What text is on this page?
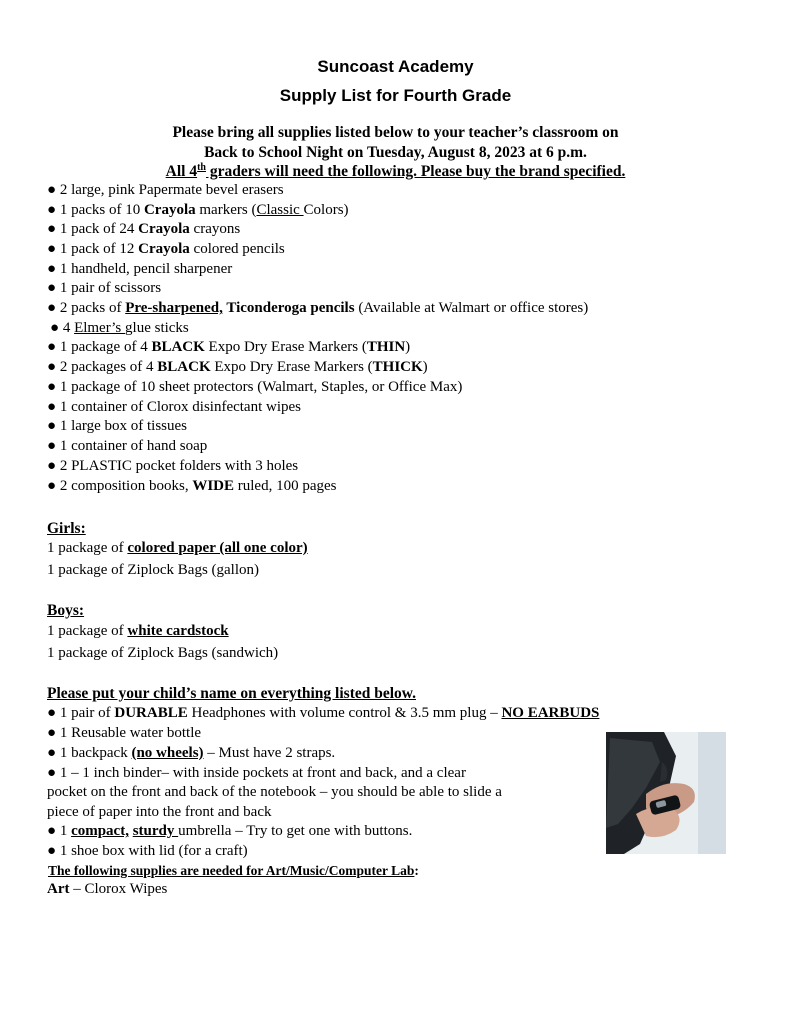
Suncoast Academy
Supply List for Fourth Grade
Please bring all supplies listed below to your teacher’s classroom on
Back to School Night on Tuesday, August 8, 2023 at 6 p.m.
All 4th graders will need the following. Please buy the brand specified.
● 2 large, pink Papermate bevel erasers
● 1 packs of 10 Crayola markers (Classic Colors)
● 1 pack of 24 Crayola crayons
● 1 pack of 12 Crayola colored pencils
● 1 handheld, pencil sharpener
● 1 pair of scissors
● 2 packs of Pre-sharpened, Ticonderoga pencils (Available at Walmart or office stores)
● 4 Elmer’s glue sticks
● 1 package of 4 BLACK Expo Dry Erase Markers (THIN)
● 2 packages of 4 BLACK Expo Dry Erase Markers (THICK)
● 1 package of 10 sheet protectors (Walmart, Staples, or Office Max)
● 1 container of Clorox disinfectant wipes
● 1 large box of tissues
● 1 container of hand soap
● 2 PLASTIC pocket folders with 3 holes
● 2 composition books, WIDE ruled, 100 pages
Girls:
1 package of colored paper (all one color)
1 package of Ziplock Bags (gallon)
Boys:
1 package of white cardstock
1 package of Ziplock Bags (sandwich)
Please put your child’s name on everything listed below.
● 1 pair of DURABLE Headphones with volume control & 3.5 mm plug – NO EARBUDS
● 1 Reusable water bottle
● 1 backpack (no wheels) – Must have 2 straps.
● 1 – 1 inch binder– with inside pockets at front and back, and a clear
pocket on the front and back of the notebook – you should be able to slide a
piece of paper into the front and back
● 1 compact, sturdy umbrella – Try to get one with buttons.
● 1 shoe box with lid (for a craft)
The following supplies are needed for Art/Music/Computer Lab:
Art – Clorox Wipes
